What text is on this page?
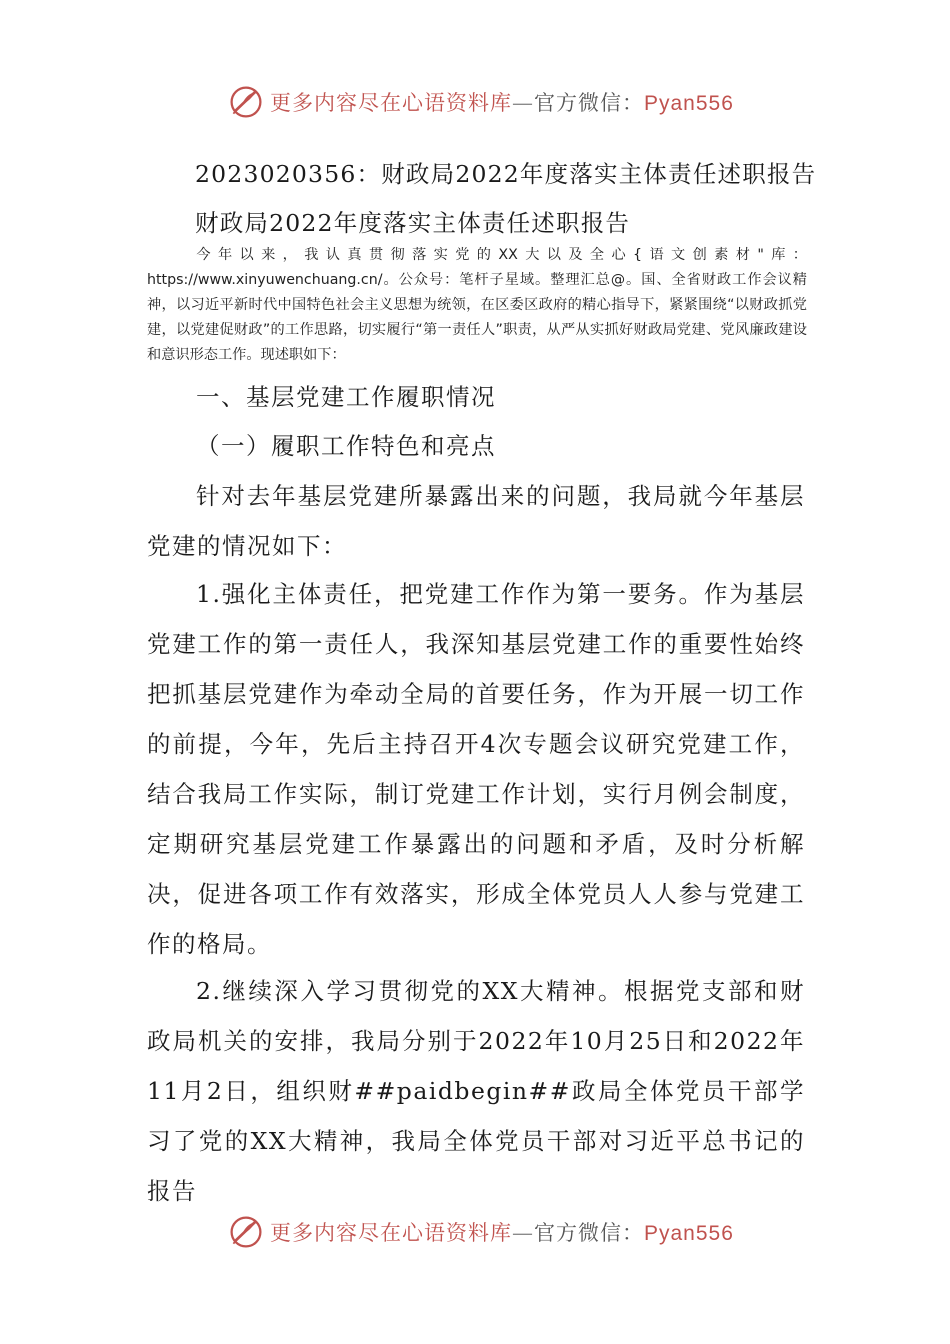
更多内容尽在心语资料库—官方微信：Pyan556
2023020356：财政局2022年度落实主体责任述职报告
财政局2022年度落实主体责任述职报告
今年以来，我认真贯彻落实党的XX大以及全心{语文创素材"库：https://www.xinyuwenchuang.cn/。公众号：笔杆子星域。整理汇总@。国、全省财政工作会议精神，以习近平新时代中国特色社会主义思想为统领，在区委区政府的精心指导下，紧紧围绕“以财政抓党建，以党建促财政”的工作思路，切实履行“第一责任人”职责，从严从实抓好财政局党建、党风廉政建设和意识形态工作。现述职如下：

一、基层党建工作履职情况

（一）履职工作特色和亮点

针对去年基层党建所暴露出来的问题，我局就今年基层党建的情况如下：

1.强化主体责任，把党建工作作为第一要务。作为基层党建工作的第一责任人，我深知基层党建工作的重要性始终把抓基层党建作为牵动全局的首要任务，作为开展一切工作的前提，今年，先后主持召开4次专题会议研究党建工作，结合我局工作实际，制订党建工作计划，实行月例会制度，定期研究基层党建工作暴露出的问题和矛盾，及时分析解决，促进各项工作有效落实，形成全体党员人人参与党建工作的格局。

2.继续深入学习贯彻党的XX大精神。根据党支部和财政局机关的安排，我局分别于2022年10月25日和2022年11月2日，组织财##paidbegin##政局全体党员干部学习了党的XX大精神，我局全体党员干部对习近平总书记的报告

更多内容尽在心语资料库—官方微信：Pyan556
